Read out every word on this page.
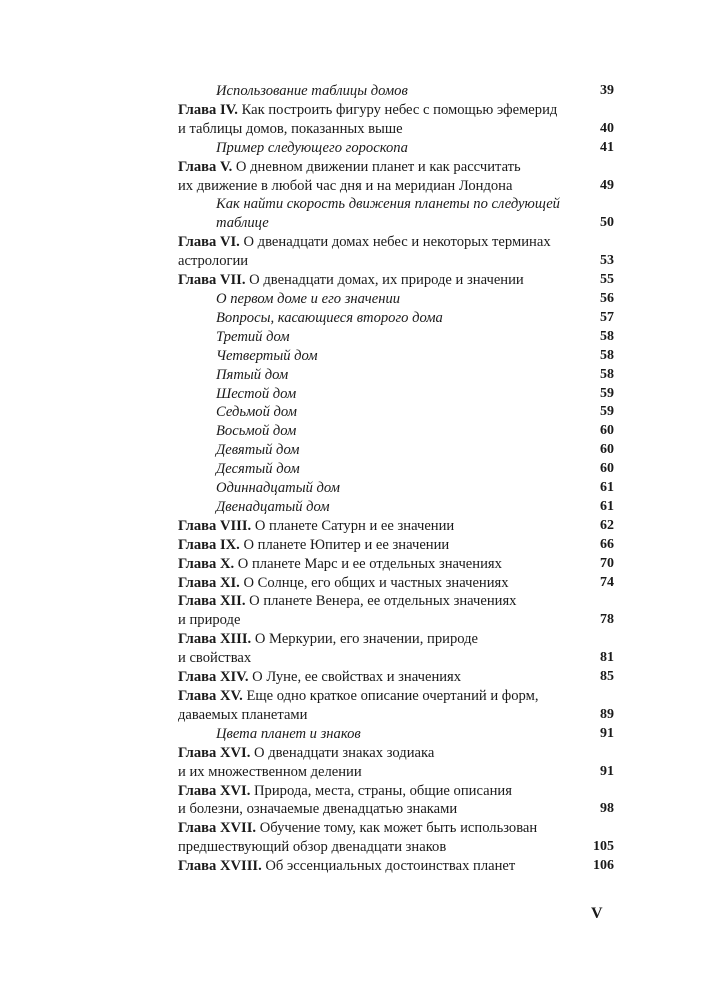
Использование таблицы домов	39
Глава IV. Как построить фигуру небес с помощью эфемерид
и таблицы домов, показанных выше	40
Пример следующего гороскопа	41
Глава V. О дневном движении планет и как рассчитать
их движение в любой час дня и на меридиан Лондона	49
Как найти скорость движения планеты по следующей
таблице	50
Глава VI. О двенадцати домах небес и некоторых терминах
астрологии	53
Глава VII. О двенадцати домах, их природе и значении	55
О первом доме и его значении	56
Вопросы, касающиеся второго дома	57
Третий дом	58
Четвертый дом	58
Пятый дом	58
Шестой дом	59
Седьмой дом	59
Восьмой дом	60
Девятый дом	60
Десятый дом	60
Одиннадцатый дом	61
Двенадцатый дом	61
Глава VIII. О планете Сатурн и ее значении	62
Глава IX. О планете Юпитер и ее значении	66
Глава X. О планете Марс и ее отдельных значениях	70
Глава XI. О Солнце, его общих и частных значениях	74
Глава XII. О планете Венера, ее отдельных значениях
и природе	78
Глава XIII. О Меркурии, его значении, природе
и свойствах	81
Глава XIV. О Луне, ее свойствах и значениях	85
Глава XV. Еще одно краткое описание очертаний и форм,
даваемых планетами	89
Цвета планет и знаков	91
Глава XVI. О двенадцати знаках зодиака
и их множественном делении	91
Глава XVI. Природа, места, страны, общие описания
и болезни, означаемые двенадцатью знаками	98
Глава XVII. Обучение тому, как может быть использован
предшествующий обзор двенадцати знаков	105
Глава XVIII. Об эссенциальных достоинствах планет	106
V
